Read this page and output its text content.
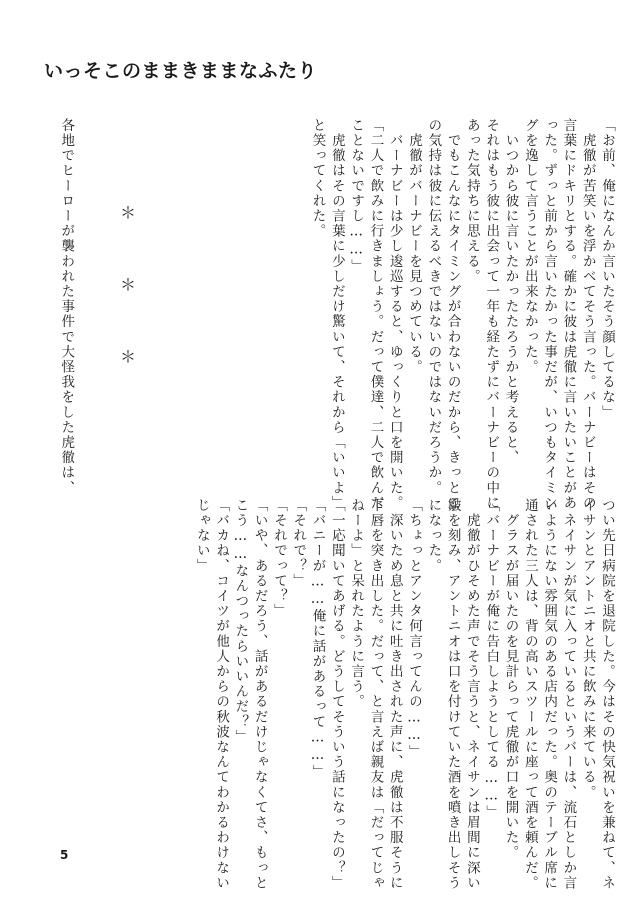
いっそこのままきままなふたり

「お前、俺になんか言いたそう顔してるな」

　虎徹が苦笑いを浮かべてそう言った。バーナビーはその

言葉にドキリとする。確かに彼は虎徹に言いたいことがあ

った。ずっと前から言いたかった事だが、いつもタイミン

グを逸して言うことが出来なかった。

　いつから彼に言いたかったたろうかと考えると、

それはもう彼に出会って一年も経たずにバーナビーの中に

あった気持ちに思える。

　でもこんなにタイミングが合わないのだから、きっとこ

の気持は彼に伝えるべきではないのではないだろうか。

　虎徹がバーナビーを見つめている。

　バーナビーは少し逡巡すると、ゆっくりと口を開いた。

「二人で飲みに行きましょう。だって僕達、二人で飲んだ

ことないですし……」

　虎徹はその言葉に少しだけ驚いて、それから「いいよ」

と笑ってくれた。

＊
＊
＊

各地でヒーローが襲われた事件で大怪我をした虎徹は、

つい先日病院を退院した。今はその快気祝いを兼ねて、ネ

イサンとアントニオと共に飲みに来ている。

　ネイサンが気に入っているというバーは、流石としか言

いようにない雰囲気のある店内だった。奥のテーブル席に

通された三人は、背の高いスツールに座って酒を頼んだ。

　グラスが届いたのを見計らって虎徹が口を開いた。

「バーナビーが俺に告白しようとしてる……」

　虎徹がひそめた声でそう言うと、ネイサンは眉間に深い

皺を刻み、アントニオは口を付けていた酒を噴き出しそう

になった。

「ちょっとアンタ何言ってんの……」

　深いため息と共に吐き出された声に、虎徹は不服そうに

下唇を突き出した。だって、と言えば親友は「だってじゃ

ねーよ」と呆れたように言う。

「一応聞いてあげる。どうしてそういう話になったの？」

「バニーが……俺に話があるって……」

「それで？」

「それでって？」

「いや、あるだろう、話があるだけじゃなくてさ、もっと

こう……なんつったらいいんだ？」

「バカね、コイツが他人からの秋波なんてわかるわけない

じゃない」

5
